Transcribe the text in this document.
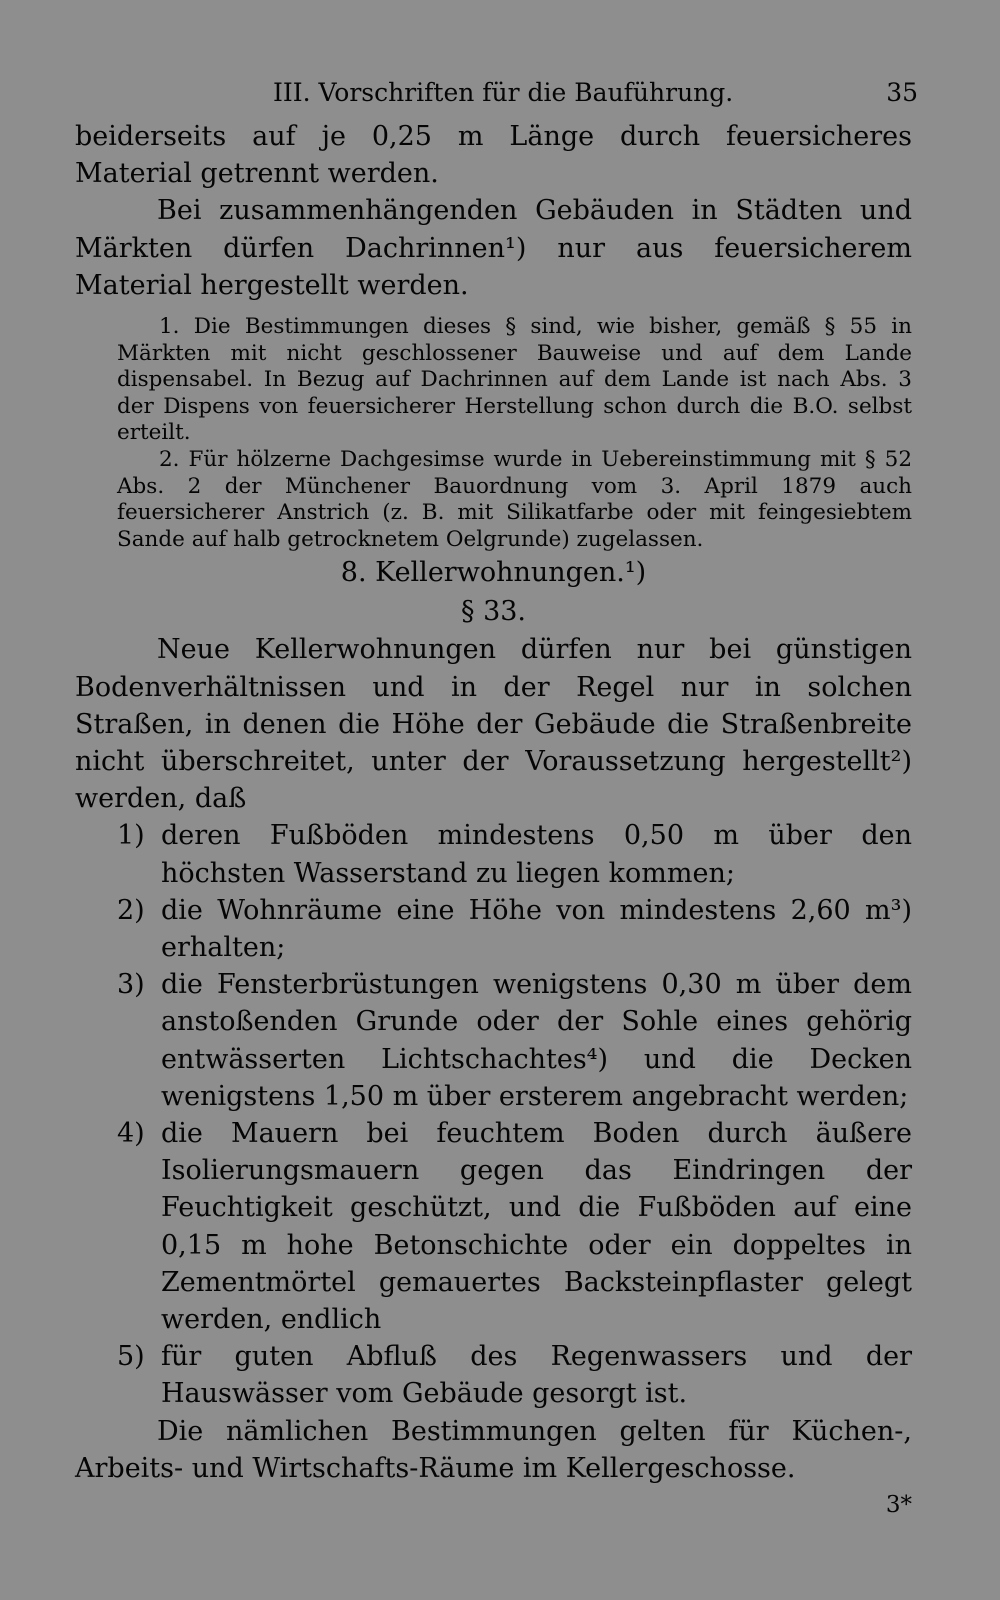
III. Vorschriften für die Bauführung.	35

beiderseits auf je 0,25 m Länge durch feuersicheres Material getrennt werden.

Bei zusammenhängenden Gebäuden in Städten und Märkten dürfen Dachrinnen¹) nur aus feuersicherem Material hergestellt werden.

1. Die Bestimmungen dieses § sind, wie bisher, gemäß § 55 in Märkten mit nicht geschlossener Bauweise und auf dem Lande dispensabel. In Bezug auf Dachrinnen auf dem Lande ist nach Abs. 3 der Dispens von feuersicherer Herstellung schon durch die B.O. selbst erteilt.

2. Für hölzerne Dachgesimse wurde in Uebereinstimmung mit § 52 Abs. 2 der Münchener Bauordnung vom 3. April 1879 auch feuersicherer Anstrich (z. B. mit Silikatfarbe oder mit feingesiebtem Sande auf halb getrocknetem Oelgrunde) zugelassen.

8. Kellerwohnungen.¹)

§ 33.

Neue Kellerwohnungen dürfen nur bei günstigen Bodenverhältnissen und in der Regel nur in solchen Straßen, in denen die Höhe der Gebäude die Straßenbreite nicht überschreitet, unter der Voraussetzung hergestellt²) werden, daß

1) deren Fußböden mindestens 0,50 m über den höchsten Wasserstand zu liegen kommen;
2) die Wohnräume eine Höhe von mindestens 2,60 m³) erhalten;
3) die Fensterbrüstungen wenigstens 0,30 m über dem anstoßenden Grunde oder der Sohle eines gehörig entwässerten Lichtschachtes⁴) und die Decken wenigstens 1,50 m über ersterem angebracht werden;
4) die Mauern bei feuchtem Boden durch äußere Isolierungsmauern gegen das Eindringen der Feuchtigkeit geschützt, und die Fußböden auf eine 0,15 m hohe Betonschichte oder ein doppeltes in Zementmörtel gemauertes Backsteinpflaster gelegt werden, endlich
5) für guten Abfluß des Regenwassers und der Hauswässer vom Gebäude gesorgt ist.

Die nämlichen Bestimmungen gelten für Küchen-, Arbeits- und Wirtschafts-Räume im Kellergeschosse.

3*
